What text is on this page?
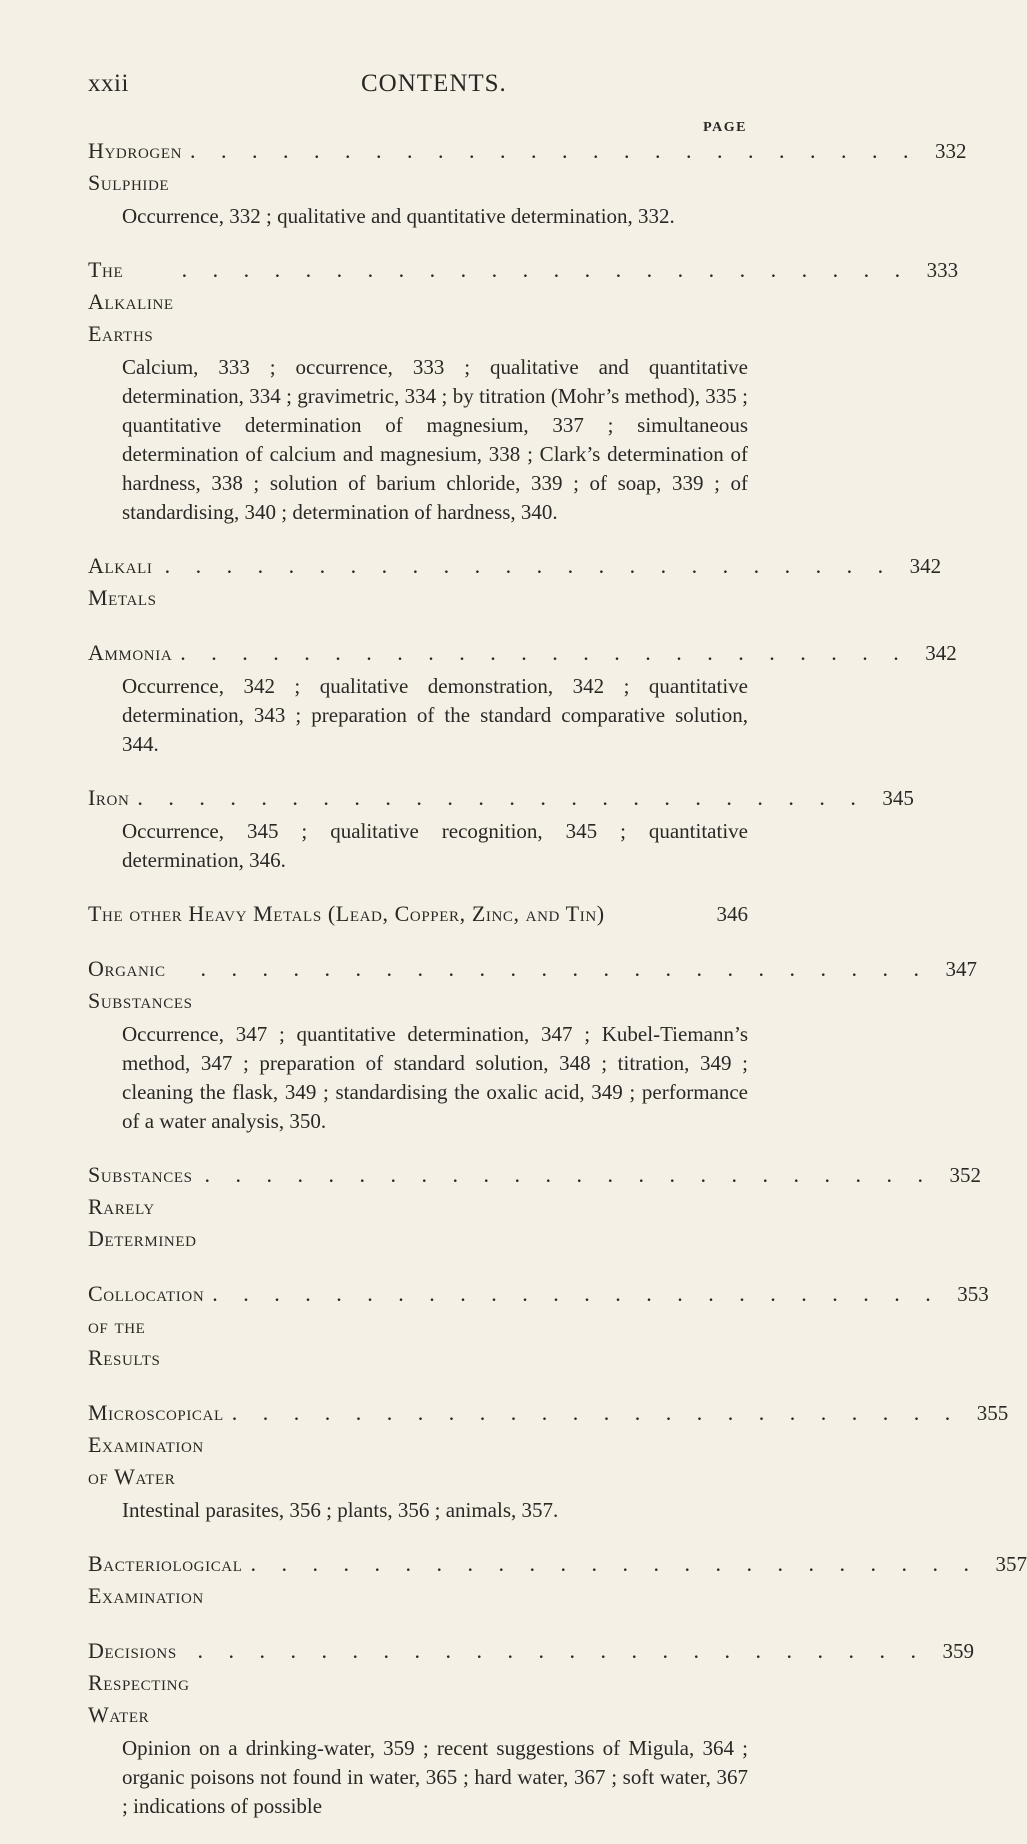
xxii	CONTENTS.
PAGE
Hydrogen Sulphide
. . . . . . . . . . . . . . . . . . . . . . . . 332
Occurrence, 332 ; qualitative and quantitative determination, 332.
The Alkaline Earths
. . . . . . . . . . . . . . . . . . . . . . . . 333
Calcium, 333 ; occurrence, 333 ; qualitative and quantitative determination, 334 ; gravimetric, 334 ; by titration (Mohr’s method), 335 ; quantitative determination of magnesium, 337 ; simultaneous determination of calcium and magnesium, 338 ; Clark’s determination of hardness, 338 ; solution of barium chloride, 339 ; of soap, 339 ; of standardising, 340 ; determination of hardness, 340.
Alkali Metals
. . . . . . . . . . . . . . . . . . . . . . . . 342
Ammonia . . . . . . . . . . . . . . . . . . . . . . . . 342
Occurrence, 342 ; qualitative demonstration, 342 ; quantitative determination, 343 ; preparation of the standard comparative solution, 344.
Iron . . . . . . . . . . . . . . . . . . . . . . . . 345
Occurrence, 345 ; qualitative recognition, 345 ; quantitative determination, 346.
The other Heavy Metals (Lead, Copper, Zinc, and Tin)	346
Organic Substances
. . . . . . . . . . . . . . . . . . . . . . . . 347
Occurrence, 347 ; quantitative determination, 347 ; Kubel-Tiemann’s method, 347 ; preparation of standard solution, 348 ; titration, 349 ; cleaning the flask, 349 ; standardising the oxalic acid, 349 ; performance of a water analysis, 350.
Substances Rarely Determined
. . . . . . . . . . . . . . . . . . . . . . . . 352
Collocation of the Results
. . . . . . . . . . . . . . . . . . . . . . . . 353
Microscopical Examination of Water
. . . . . . . . . . . . . . . . . . . . . . . . 355
Intestinal parasites, 356 ; plants, 356 ; animals, 357.
Bacteriological Examination
. . . . . . . . . . . . . . . . . . . . . . . . 357
Decisions Respecting Water
. . . . . . . . . . . . . . . . . . . . . . . . 359
Opinion on a drinking-water, 359 ; recent suggestions of Migula, 364 ; organic poisons not found in water, 365 ; hard water, 367 ; soft water, 367 ; indications of possible
